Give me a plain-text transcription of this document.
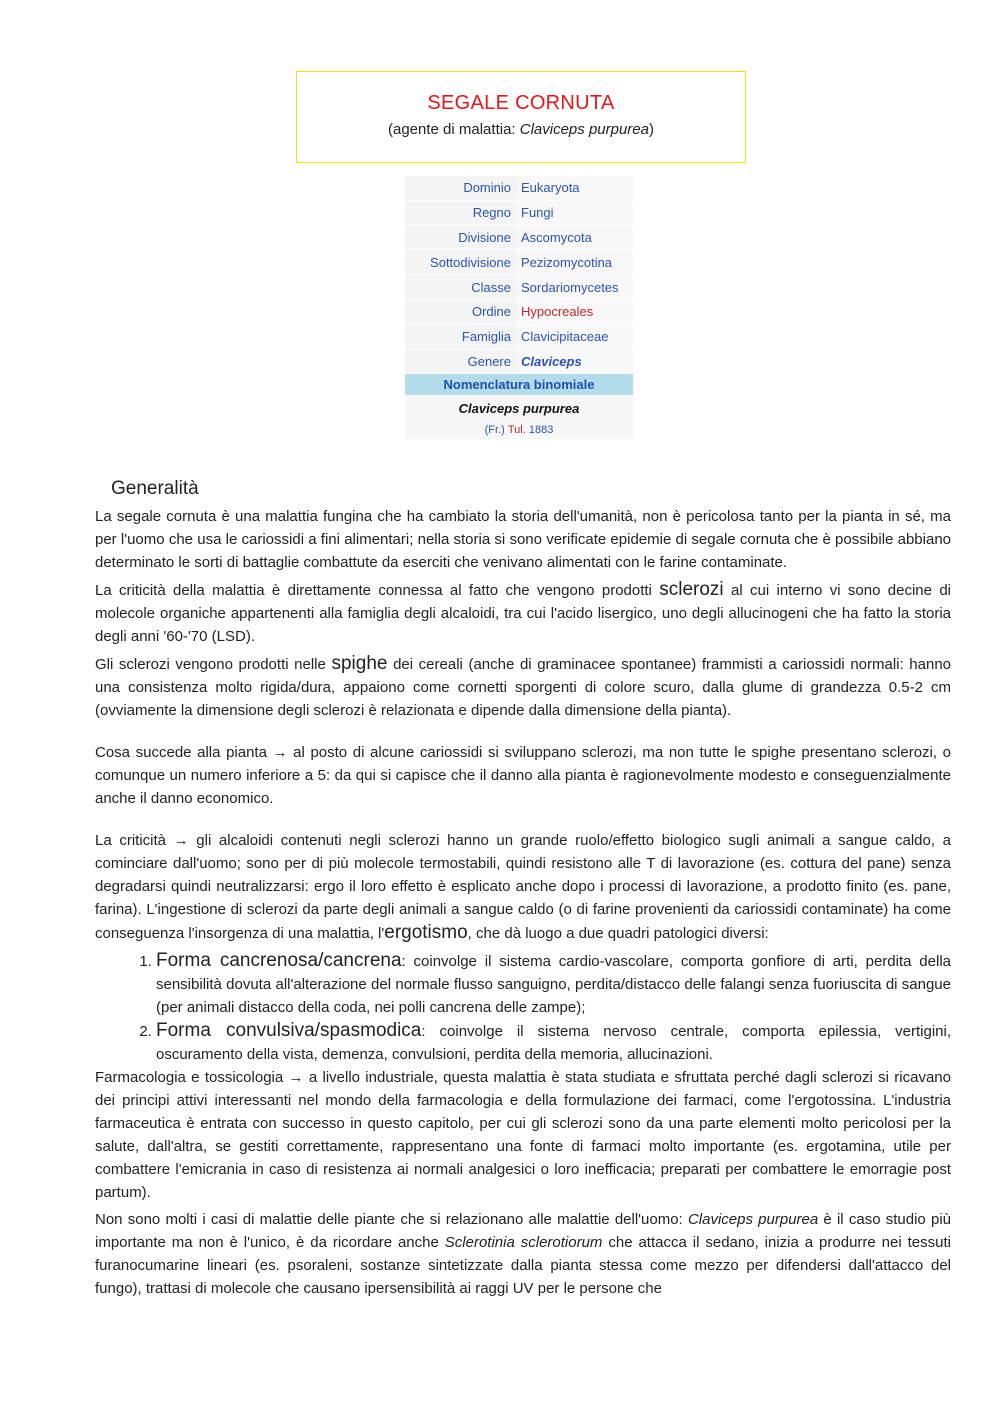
SEGALE CORNUTA
(agente di malattia: Claviceps purpurea)
Dominio Eukaryota
Regno Fungi
Divisione Ascomycota
Sottodivisione Pezizomycotina
Classe Sordariomycetes
Ordine Hypocreales
Famiglia Clavicipitaceae
Genere Claviceps
Nomenclatura binomiale
Claviceps purpurea
(Fr.)
Tul.
1883
Generalità

La segale cornuta è una malattia fungina che ha cambiato la storia dell'umanità, non è pericolosa tanto per la pianta in sé, ma per l'uomo che usa le cariossidi a fini alimentari; nella storia si sono verificate epidemie di segale cornuta che è possibile abbiano determinato le sorti di battaglie combattute da eserciti che venivano alimentati con le farine contaminate.

La criticità della malattia è direttamente connessa al fatto che vengono prodotti sclerozi al cui interno vi sono decine di molecole organiche appartenenti alla famiglia degli alcaloidi, tra cui l'acido lisergico, uno degli allucinogeni che ha fatto la storia degli anni '60-'70 (LSD).

Gli sclerozi vengono prodotti nelle spighe dei cereali (anche di graminacee spontanee) frammisti a cariossidi normali: hanno una consistenza molto rigida/dura, appaiono come cornetti sporgenti di colore scuro, dalla glume di grandezza 0.5-2 cm (ovviamente la dimensione degli sclerozi è relazionata e dipende dalla dimensione della pianta).

Cosa succede alla pianta → al posto di alcune cariossidi si sviluppano sclerozi, ma non tutte le spighe presentano sclerozi, o comunque un numero inferiore a 5: da qui si capisce che il danno alla pianta è ragionevolmente modesto e conseguenzialmente anche il danno economico.

La criticità → gli alcaloidi contenuti negli sclerozi hanno un grande ruolo/effetto biologico sugli animali a sangue caldo, a cominciare dall'uomo; sono per di più molecole termostabili, quindi resistono alle T di lavorazione (es. cottura del pane) senza degradarsi quindi neutralizzarsi: ergo il loro effetto è esplicato anche dopo i processi di lavorazione, a prodotto finito (es. pane, farina). L'ingestione di sclerozi da parte degli animali a sangue caldo (o di farine provenienti da cariossidi contaminate) ha come conseguenza l'insorgenza di una malattia, l'ergotismo, che dà luogo a due quadri patologici diversi:

1. Forma cancrenosa/cancrena: coinvolge il sistema cardio-vascolare, comporta gonfiore di arti, perdita della sensibilità dovuta all'alterazione del normale flusso sanguigno, perdita/distacco delle falangi senza fuoriuscita di sangue (per animali distacco della coda, nei polli cancrena delle zampe);
2. Forma convulsiva/spasmodica: coinvolge il sistema nervoso centrale, comporta epilessia, vertigini, oscuramento della vista, demenza, convulsioni, perdita della memoria, allucinazioni.

Farmacologia e tossicologia → a livello industriale, questa malattia è stata studiata e sfruttata perché dagli sclerozi si ricavano dei principi attivi interessanti nel mondo della farmacologia e della formulazione dei farmaci, come l'ergotossina. L'industria farmaceutica è entrata con successo in questo capitolo, per cui gli sclerozi sono da una parte elementi molto pericolosi per la salute, dall'altra, se gestiti correttamente, rappresentano una fonte di farmaci molto importante (es. ergotamina, utile per combattere l'emicrania in caso di resistenza ai normali analgesici o loro inefficacia; preparati per combattere le emorragie post partum).

Non sono molti i casi di malattie delle piante che si relazionano alle malattie dell'uomo: Claviceps purpurea è il caso studio più importante ma non è l'unico, è da ricordare anche Sclerotinia sclerotiorum che attacca il sedano, inizia a produrre nei tessuti furanocumarine lineari (es. psoraleni, sostanze sintetizzate dalla pianta stessa come mezzo per difendersi dall'attacco del fungo), trattasi di molecole che causano ipersensibilità ai raggi UV per le persone che
